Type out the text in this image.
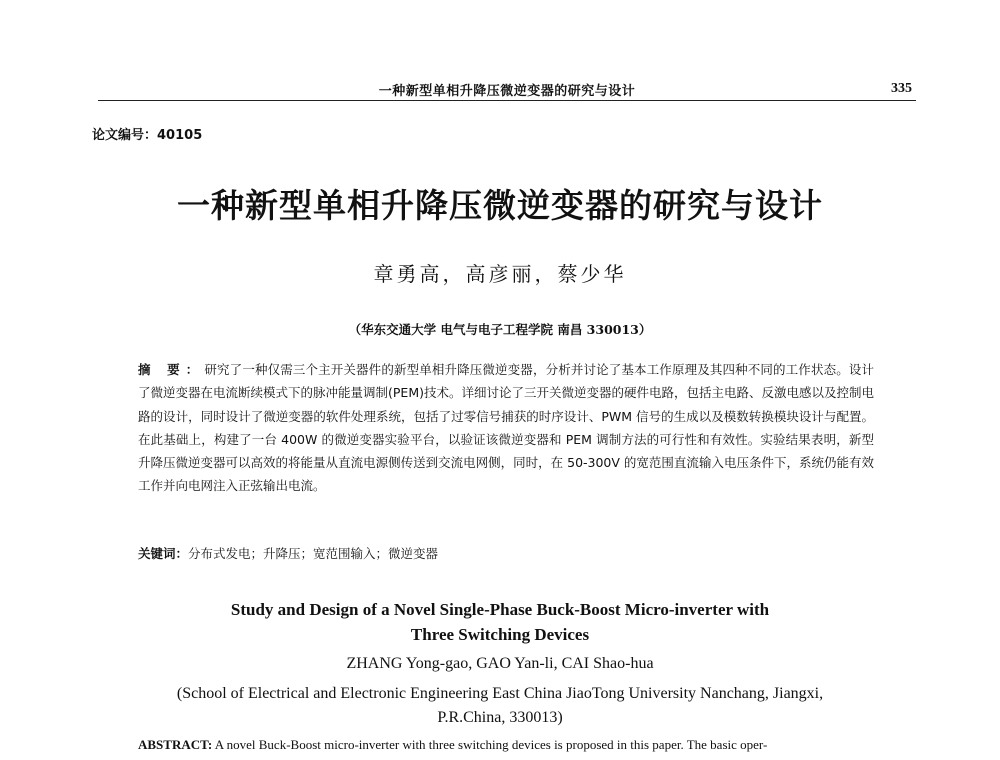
一种新型单相升降压微逆变器的研究与设计	335
论文编号：40105
一种新型单相升降压微逆变器的研究与设计
章勇高，高彦丽，蔡少华
（华东交通大学 电气与电子工程学院 南昌 330013）
摘 要：研究了一种仅需三个主开关器件的新型单相升降压微逆变器，分析并讨论了基本工作原理及其四种不同的工作状态。设计了微逆变器在电流断续模式下的脉冲能量调制(PEM)技术。详细讨论了三开关微逆变器的硬件电路，包括主电路、反激电感以及控制电路的设计，同时设计了微逆变器的软件处理系统，包括了过零信号捕获的时序设计、PWM 信号的生成以及模数转换模块设计与配置。在此基础上，构建了一台 400W 的微逆变器实验平台，以验证该微逆变器和 PEM 调制方法的可行性和有效性。实验结果表明，新型升降压微逆变器可以高效的将能量从直流电源侧传送到交流电网侧，同时，在 50-300V 的宽范围直流输入电压条件下，系统仍能有效工作并向电网注入正弦输出电流。
关键词：分布式发电；升降压；宽范围输入；微逆变器
Study and Design of a Novel Single-Phase Buck-Boost Micro-inverter with
Three Switching Devices
ZHANG Yong-gao, GAO Yan-li, CAI Shao-hua
(School of Electrical and Electronic Engineering East China JiaoTong University Nanchang, Jiangxi,
P.R.China, 330013)
ABSTRACT: A novel Buck-Boost micro-inverter with three switching devices is proposed in this paper. The basic oper-
